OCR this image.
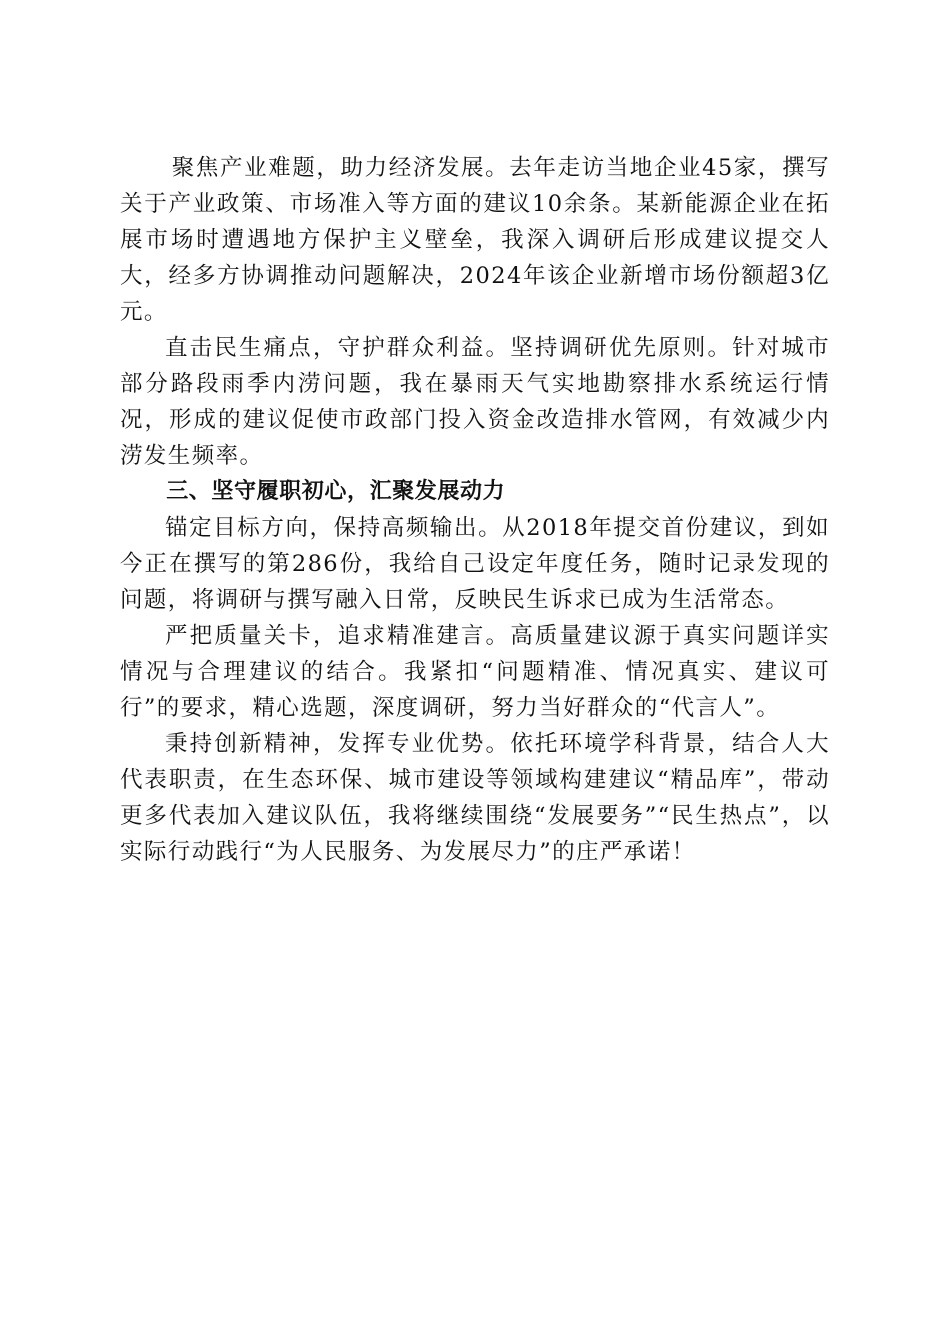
聚焦产业难题，助力经济发展。去年走访当地企业45家，撰写关于产业政策、市场准入等方面的建议10余条。某新能源企业在拓展市场时遭遇地方保护主义壁垒，我深入调研后形成建议提交人大，经多方协调推动问题解决，2024年该企业新增市场份额超3亿元。

直击民生痛点，守护群众利益。坚持调研优先原则。针对城市部分路段雨季内涝问题，我在暴雨天气实地勘察排水系统运行情况，形成的建议促使市政部门投入资金改造排水管网，有效减少内涝发生频率。

三、坚守履职初心，汇聚发展动力

锚定目标方向，保持高频输出。从2018年提交首份建议，到如今正在撰写的第286份，我给自己设定年度任务，随时记录发现的问题，将调研与撰写融入日常，反映民生诉求已成为生活常态。

严把质量关卡，追求精准建言。高质量建议源于真实问题详实情况与合理建议的结合。我紧扣“问题精准、情况真实、建议可行”的要求，精心选题，深度调研，努力当好群众的“代言人”。

秉持创新精神，发挥专业优势。依托环境学科背景，结合人大代表职责，在生态环保、城市建设等领域构建建议“精品库”，带动更多代表加入建议队伍，我将继续围绕“发展要务”“民生热点”，以实际行动践行“为人民服务、为发展尽力”的庄严承诺！
